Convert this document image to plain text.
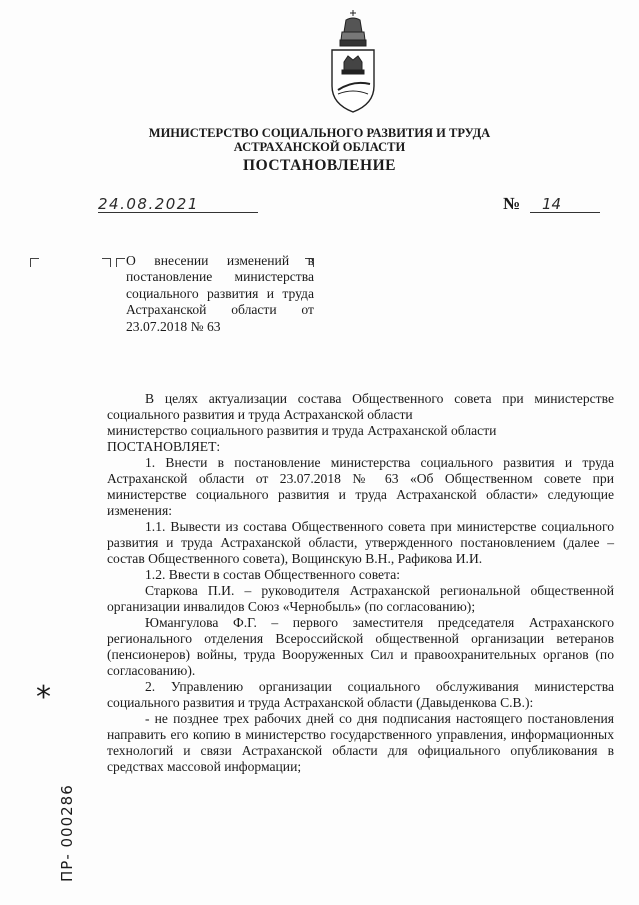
МИНИСТЕРСТВО СОЦИАЛЬНОГО РАЗВИТИЯ И ТРУДА
АСТРАХАНСКОЙ ОБЛАСТИ
ПОСТАНОВЛЕНИЕ
24.08.2021	№	14
О внесении изменений в постановление министерства социального развития и труда Астраханской области от 23.07.2018 № 63

В целях актуализации состава Общественного совета при министерстве социального развития и труда Астраханской области

министерство социального развития и труда Астраханской области

ПОСТАНОВЛЯЕТ:

1. Внести в постановление министерства социального развития и труда Астраханской области от 23.07.2018 № 63 «Об Общественном совете при министерстве социального развития и труда Астраханской области» следующие изменения:

1.1. Вывести из состава Общественного совета при министерстве социального развития и труда Астраханской области, утвержденного постановлением (далее – состав Общественного совета), Вощинскую В.Н., Рафикова И.И.

1.2. Ввести в состав Общественного совета:

Старкова П.И. – руководителя Астраханской региональной общественной организации инвалидов Союз «Чернобыль» (по согласованию);

Юмангулова Ф.Г. – первого заместителя председателя Астраханского регионального отделения Всероссийской общественной организации ветеранов (пенсионеров) войны, труда Вооруженных Сил и правоохранительных органов (по согласованию).

2. Управлению организации социального обслуживания министерства социального развития и труда Астраханской области (Давыденкова С.В.):

- не позднее трех рабочих дней со дня подписания настоящего постановления направить его копию в министерство государственного управления, информационных технологий и связи Астраханской области для официального опубликования в средствах массовой информации;

*
ПР- 000286
